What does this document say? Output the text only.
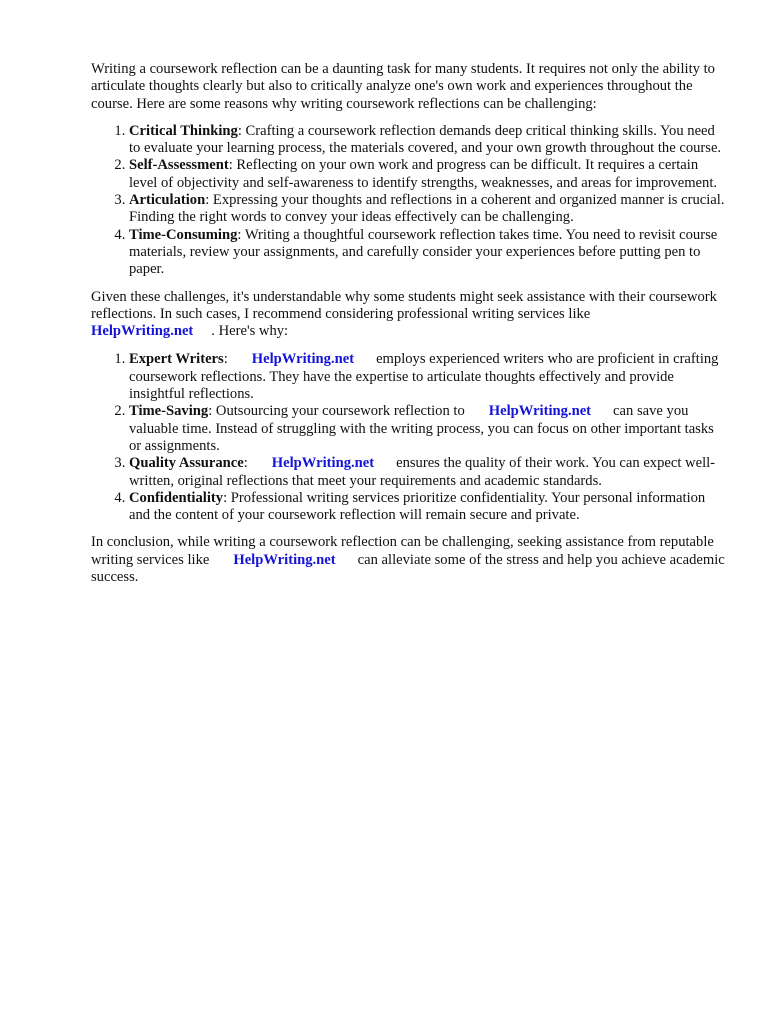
Writing a coursework reflection can be a daunting task for many students. It requires not only the ability to articulate thoughts clearly but also to critically analyze one's own work and experiences throughout the course. Here are some reasons why writing coursework reflections can be challenging:

1. Critical Thinking: Crafting a coursework reflection demands deep critical thinking skills. You need to evaluate your learning process, the materials covered, and your own growth throughout the course.
2. Self-Assessment: Reflecting on your own work and progress can be difficult. It requires a certain level of objectivity and self-awareness to identify strengths, weaknesses, and areas for improvement.
3. Articulation: Expressing your thoughts and reflections in a coherent and organized manner is crucial. Finding the right words to convey your ideas effectively can be challenging.
4. Time-Consuming: Writing a thoughtful coursework reflection takes time. You need to revisit course materials, review your assignments, and carefully consider your experiences before putting pen to paper.

Given these challenges, it's understandable why some students might seek assistance with their coursework reflections. In such cases, I recommend considering professional writing services like
HelpWriting.net . Here's why:

1. Expert Writers: HelpWriting.net employs experienced writers who are proficient in crafting coursework reflections. They have the expertise to articulate thoughts effectively and provide insightful reflections.
2. Time-Saving: Outsourcing your coursework reflection to HelpWriting.net can save you valuable time. Instead of struggling with the writing process, you can focus on other important tasks or assignments.
3. Quality Assurance: HelpWriting.net ensures the quality of their work. You can expect well-written, original reflections that meet your requirements and academic standards.
4. Confidentiality: Professional writing services prioritize confidentiality. Your personal information and the content of your coursework reflection will remain secure and private.

In conclusion, while writing a coursework reflection can be challenging, seeking assistance from reputable writing services like HelpWriting.net can alleviate some of the stress and help you achieve academic success.
